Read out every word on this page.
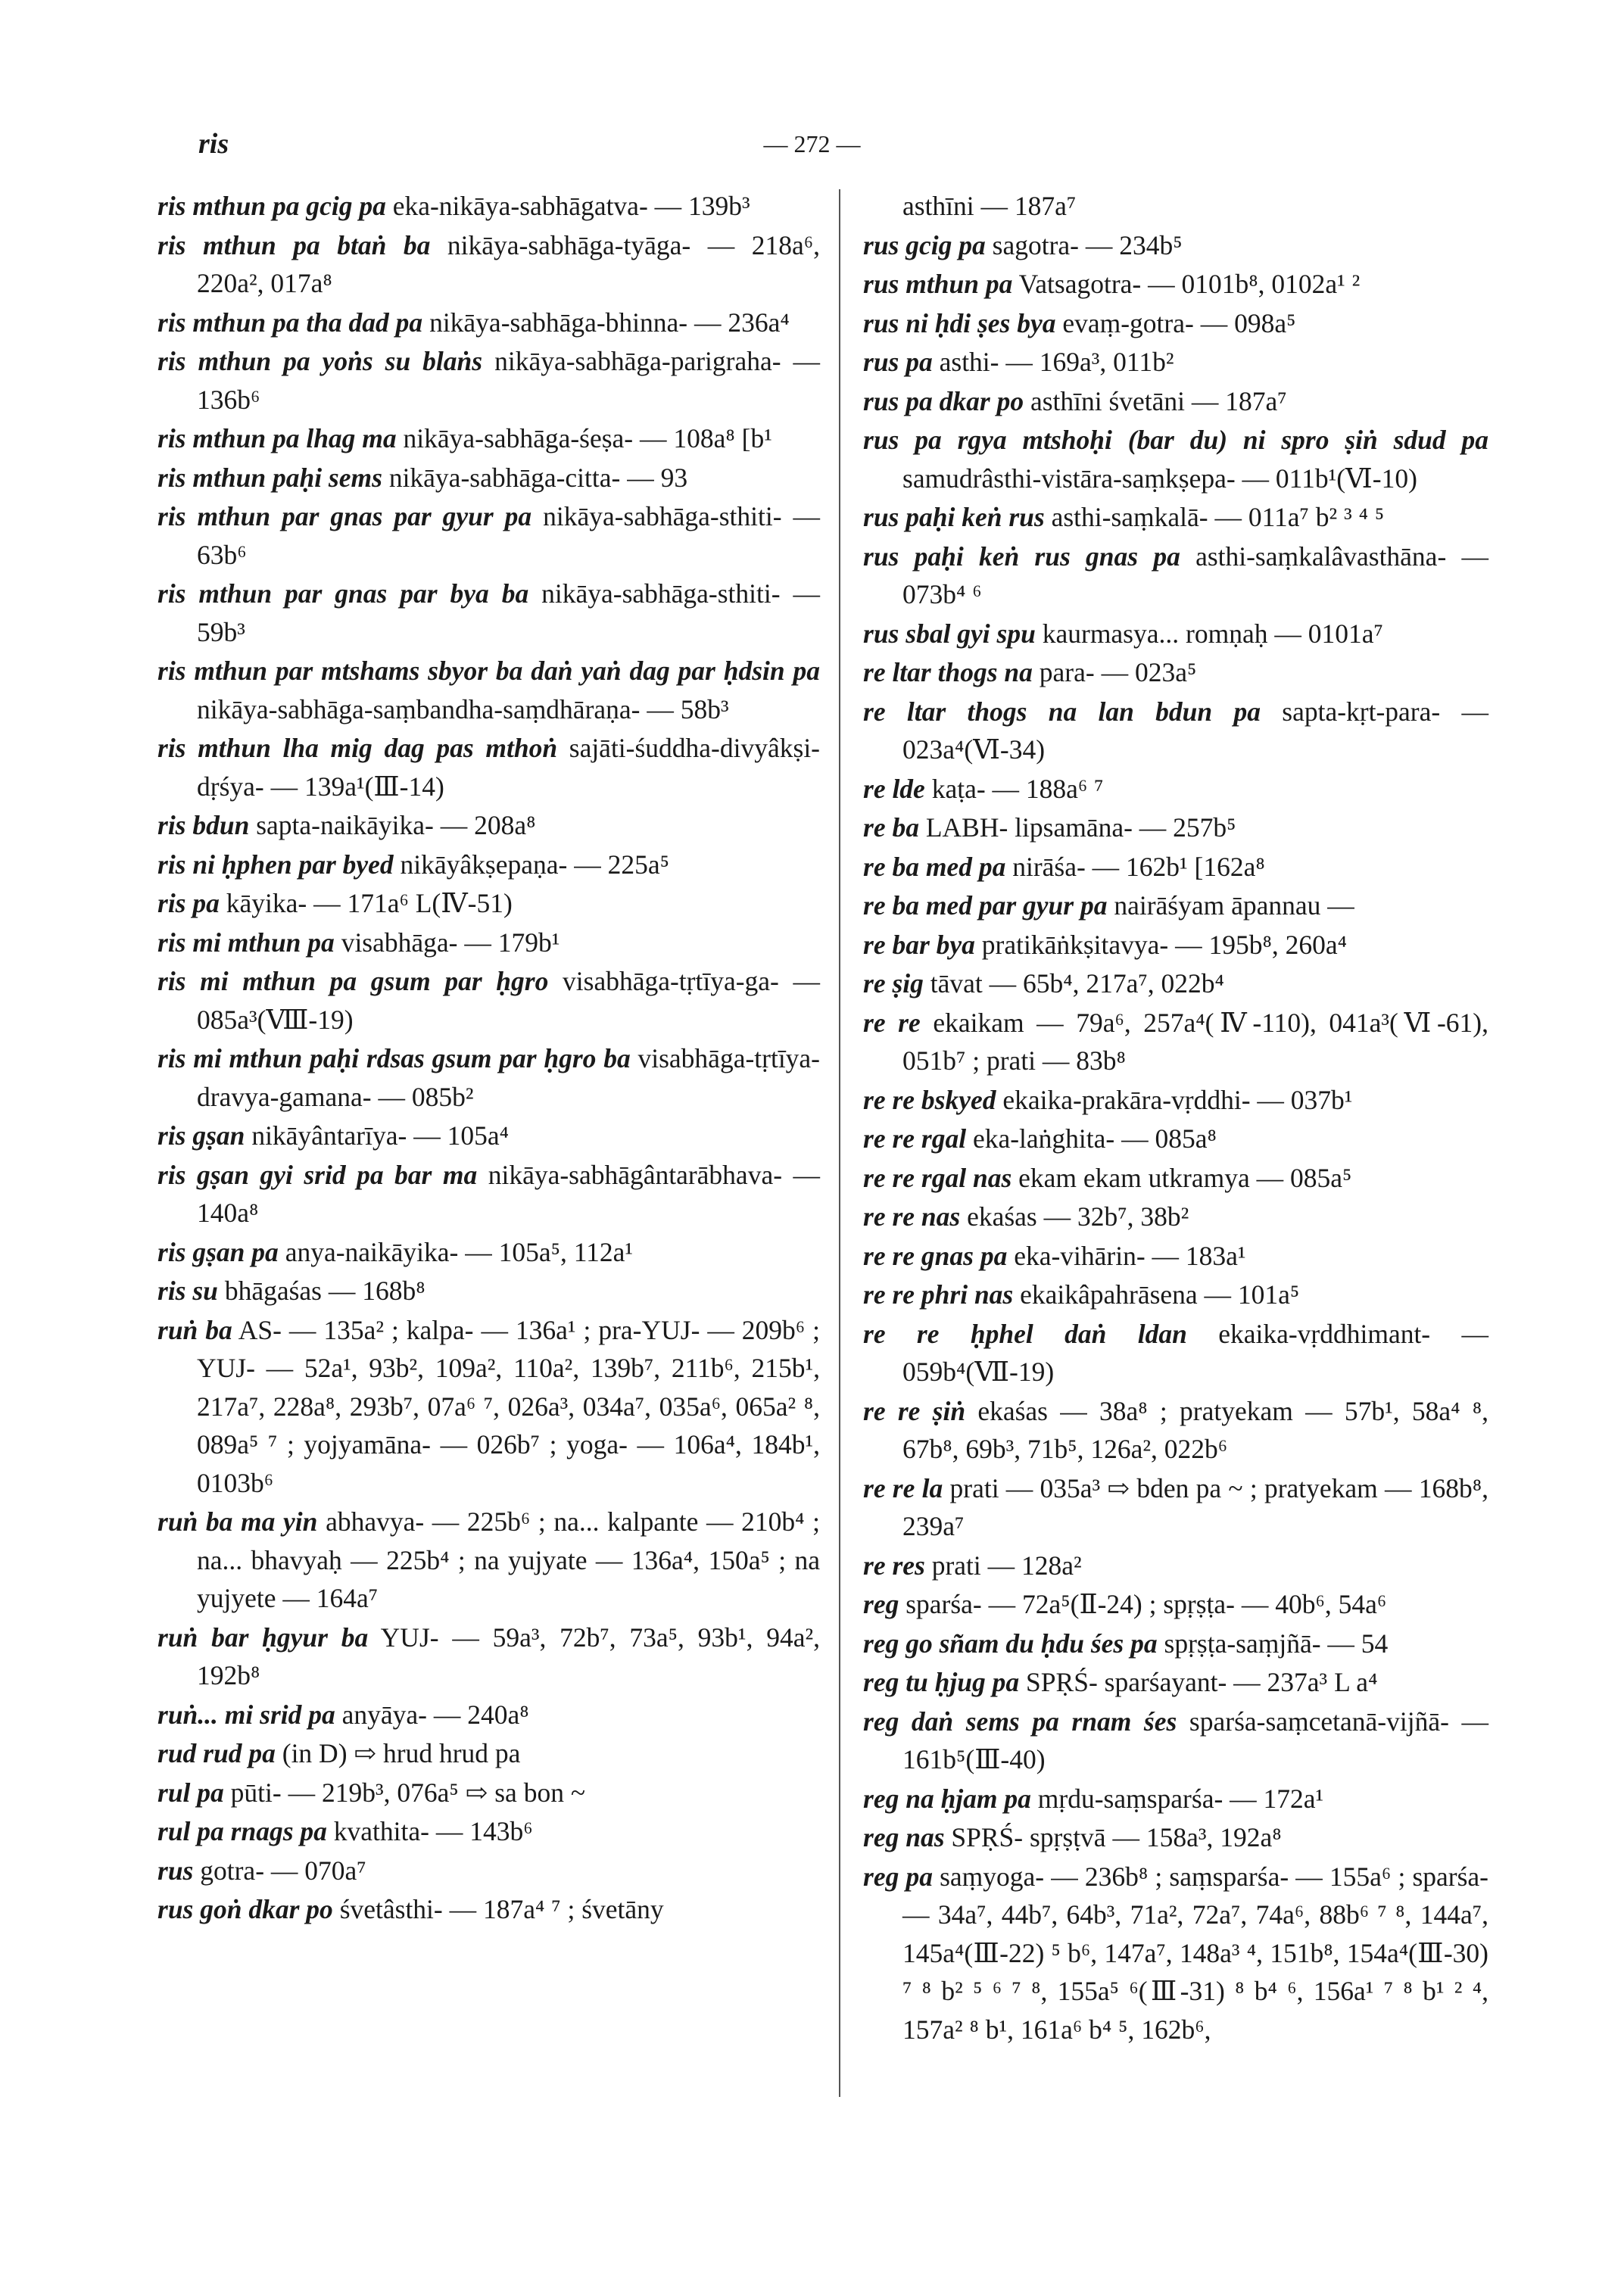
ris	— 272 —
ris mthun pa gcig pa eka-nikāya-sabhāgatva- — 139b³
ris mthun pa btaṅ ba nikāya-sabhāga-tyāga- — 218a⁶, 220a², 017a⁸
ris mthun pa tha dad pa nikāya-sabhāga-bhinna- — 236a⁴
ris mthun pa yoṅs su blaṅs nikāya-sabhāga-parigraha- — 136b⁶
ris mthun pa lhag ma nikāya-sabhāga-śeṣa- — 108a⁸ [b¹
ris mthun paḥi sems nikāya-sabhāga-citta- — 93
ris mthun par gnas par gyur pa nikāya-sabhāga-sthiti- — 63b⁶
ris mthun par gnas par bya ba nikāya-sabhāga-sthiti- — 59b³
ris mthun par mtshams sbyor ba daṅ yaṅ dag par ḥdsin pa nikāya-sabhāga-saṃbandha-saṃdhāraṇa- — 58b³
ris mthun lha mig dag pas mthoṅ sajāti-śuddha-divyâkṣi-dṛśya- — 139a¹(Ⅲ-14)
ris bdun sapta-naikāyika- — 208a⁸
ris ni ḥphen par byed nikāyâkṣepaṇa- — 225a⁵
ris pa kāyika- — 171a⁶ L(Ⅳ-51)
ris mi mthun pa visabhāga- — 179b¹
ris mi mthun pa gsum par ḥgro visabhāga-tṛtīya-ga- — 085a³(Ⅷ-19)
ris mi mthun paḥi rdsas gsum par ḥgro ba visabhāga-tṛtīya-dravya-gamana- — 085b²
ris gṣan nikāyântarīya- — 105a⁴
ris gṣan gyi srid pa bar ma nikāya-sabhāgântarābhava- — 140a⁸
ris gṣan pa anya-naikāyika- — 105a⁵, 112a¹
ris su bhāgaśas — 168b⁸
ruṅ ba AS- — 135a² ; kalpa- — 136a¹ ; pra-YUJ- — 209b⁶ ; YUJ- — 52a¹, 93b², 109a², 110a², 139b⁷, 211b⁶, 215b¹, 217a⁷, 228a⁸, 293b⁷, 07a⁶ ⁷, 026a³, 034a⁷, 035a⁶, 065a² ⁸, 089a⁵ ⁷ ; yojyamāna- — 026b⁷ ; yoga- — 106a⁴, 184b¹, 0103b⁶
ruṅ ba ma yin abhavya- — 225b⁶ ; na... kalpante — 210b⁴ ; na... bhavyaḥ — 225b⁴ ; na yujyate — 136a⁴, 150a⁵ ; na yujyete — 164a⁷
ruṅ bar ḥgyur ba YUJ- — 59a³, 72b⁷, 73a⁵, 93b¹, 94a², 192b⁸
ruṅ... mi srid pa anyāya- — 240a⁸
rud rud pa (in D) ⇨ hrud hrud pa
rul pa pūti- — 219b³, 076a⁵ ⇨ sa bon ~
rul pa rnags pa kvathita- — 143b⁶
rus gotra- — 070a⁷
rus goṅ dkar po śvetâsthi- — 187a⁴ ⁷ ; śvetāny
asthīni — 187a⁷
rus gcig pa sagotra- — 234b⁵
rus mthun pa Vatsagotra- — 0101b⁸, 0102a¹ ²
rus ni ḥdi ṣes bya evaṃ-gotra- — 098a⁵
rus pa asthi- — 169a³, 011b²
rus pa dkar po asthīni śvetāni — 187a⁷
rus pa rgya mtshoḥi (bar du) ni spro ṣiṅ sdud pa samudrâsthi-vistāra-saṃkṣepa- — 011b¹(Ⅵ-10)
rus paḥi keṅ rus asthi-saṃkalā- — 011a⁷ b² ³ ⁴ ⁵
rus paḥi keṅ rus gnas pa asthi-saṃkalâvasthāna- — 073b⁴ ⁶
rus sbal gyi spu kaurmasya... romṇaḥ — 0101a⁷
re ltar thogs na para- — 023a⁵
re ltar thogs na lan bdun pa sapta-kṛt-para- — 023a⁴(Ⅵ-34)
re lde kaṭa- — 188a⁶ ⁷
re ba LABH- lipsamāna- — 257b⁵
re ba med pa nirāśa- — 162b¹ [162a⁸
re ba med par gyur pa nairāśyam āpannau —
re bar bya pratikāṅkṣitavya- — 195b⁸, 260a⁴
re ṣig tāvat — 65b⁴, 217a⁷, 022b⁴
re re ekaikam — 79a⁶, 257a⁴(Ⅳ-110), 041a³(Ⅵ-61), 051b⁷ ; prati — 83b⁸
re re bskyed ekaika-prakāra-vṛddhi- — 037b¹
re re rgal eka-laṅghita- — 085a⁸
re re rgal nas ekam ekam utkramya — 085a⁵
re re nas ekaśas — 32b⁷, 38b²
re re gnas pa eka-vihārin- — 183a¹
re re phri nas ekaikâpahrāsena — 101a⁵
re re ḥphel daṅ ldan ekaika-vṛddhimant- — 059b⁴(Ⅶ-19)
re re ṣiṅ ekaśas — 38a⁸ ; pratyekam — 57b¹, 58a⁴ ⁸, 67b⁸, 69b³, 71b⁵, 126a², 022b⁶
re re la prati — 035a³ ⇨ bden pa ~ ; pratyekam — 168b⁸, 239a⁷
re res prati — 128a²
reg sparśa- — 72a⁵(Ⅱ-24) ; spṛṣṭa- — 40b⁶, 54a⁶
reg go sñam du ḥdu śes pa spṛṣṭa-saṃjñā- — 54
reg tu ḥjug pa SPṚŚ- sparśayant- — 237a³ L a⁴
reg daṅ sems pa rnam śes sparśa-saṃcetanā-vijñā- — 161b⁵(Ⅲ-40)
reg na ḥjam pa mṛdu-saṃsparśa- — 172a¹
reg nas SPṚŚ- spṛṣṭvā — 158a³, 192a⁸
reg pa saṃyoga- — 236b⁸ ; saṃsparśa- — 155a⁶ ; sparśa- — 34a⁷, 44b⁷, 64b³, 71a², 72a⁷, 74a⁶, 88b⁶ ⁷ ⁸, 144a⁷, 145a⁴(Ⅲ-22) ⁵ b⁶, 147a⁷, 148a³ ⁴, 151b⁸, 154a⁴(Ⅲ-30) ⁷ ⁸ b² ⁵ ⁶ ⁷ ⁸, 155a⁵ ⁶(Ⅲ-31) ⁸ b⁴ ⁶, 156a¹ ⁷ ⁸ b¹ ² ⁴, 157a² ⁸ b¹, 161a⁶ b⁴ ⁵, 162b⁶,
